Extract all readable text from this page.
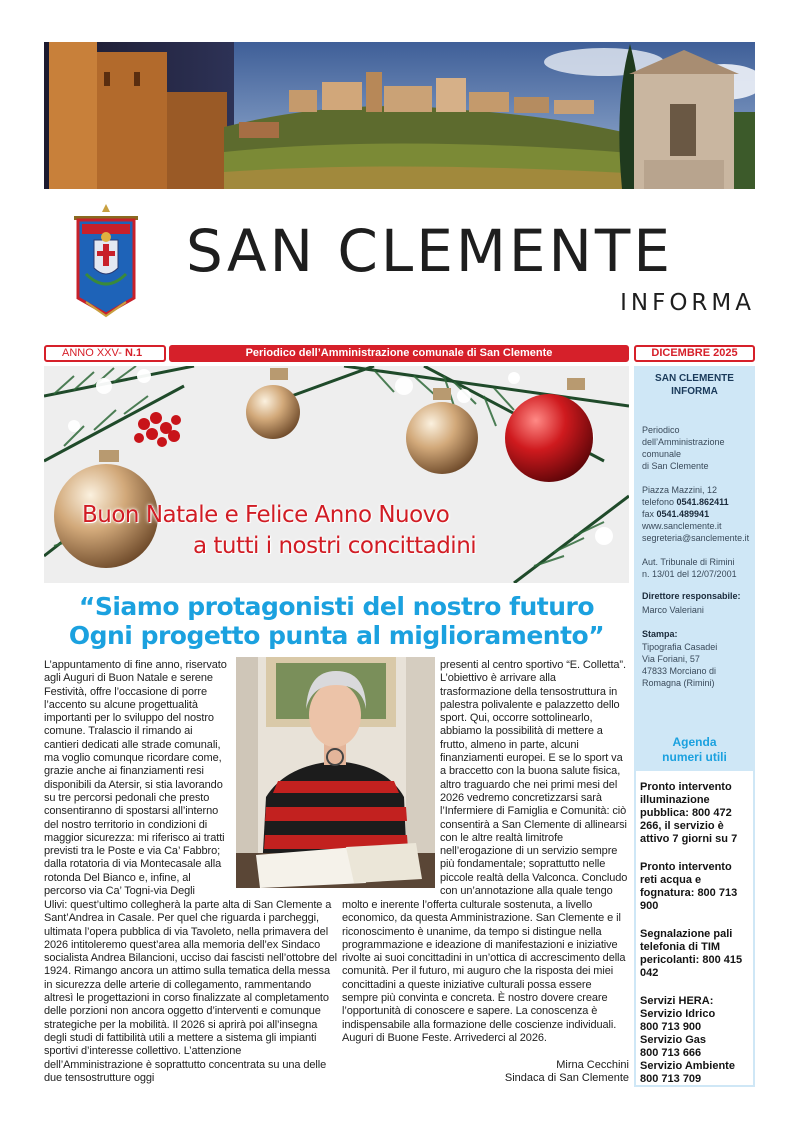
SAN CLEMENTE
INFORMA
ANNO XXV- N.1	Periodico dell’Amministrazione comunale di San Clemente	DICEMBRE 2025
Buon Natale e Felice Anno Nuovo
a tutti i nostri concittadini
“Siamo protagonisti del nostro futuro
Ogni progetto punta al miglioramento”

L’appuntamento di fine anno, riservato agli Auguri di Buon Natale e serene Festività, offre l’occasione di porre l’accento su alcune progettualità importanti per lo sviluppo del nostro comune. Tralascio il rimando ai cantieri dedicati alle strade comunali, ma voglio comunque ricordare come, grazie anche ai finanziamenti resi disponibili da Atersir, si stia lavorando su tre percorsi pedonali che presto consentiranno di spostarsi all’interno del nostro territorio in condizioni di maggior sicurezza: mi riferisco ai tratti previsti tra le Poste e via Ca’ Fabbro; dalla rotatoria di via Montecasale alla rotonda Del Bianco e, infine, al percorso via Ca’ Togni-via Degli

presenti al centro sportivo “E. Colletta”. L’obiettivo è arrivare alla trasformazione della tensostruttura in palestra polivalente e palazzetto dello sport. Qui, occorre sottolinearlo, abbiamo la possibilità di mettere a frutto, almeno in parte, alcuni finanziamenti europei. E se lo sport va a braccetto con la buona salute fisica, altro traguardo che nei primi mesi del 2026 vedremo concretizzarsi sarà l’Infermiere di Famiglia e Comunità: ciò consentirà a San Clemente di allinearsi con le altre realtà limitrofe nell’erogazione di un servizio sempre più fondamentale; soprattutto nelle piccole realtà della Valconca. Concludo con un’annotazione alla quale tengo

Ulivi: quest’ultimo collegherà la parte alta di San Clemente a Sant’Andrea in Casale. Per quel che riguarda i parcheggi, ultimata l’opera pubblica di via Tavoleto, nella primavera del 2026 intitoleremo quest’area alla memoria dell’ex Sindaco socialista Andrea Bilancioni, ucciso dai fascisti nell’ottobre del 1924. Rimango ancora un attimo sulla tematica della messa in sicurezza delle arterie di collegamento, rammentando altresì le progettazioni in corso finalizzate al completamento delle porzioni non ancora oggetto d’interventi e comunque strategiche per la mobilità. Il 2026 si aprirà poi all’insegna degli studi di fattibilità utili a mettere a sistema gli impianti sportivi d’interesse collettivo. L’attenzione dell’Amministrazione è soprattutto concentrata su una delle due tensostrutture oggi

molto e inerente l’offerta culturale sostenuta, a livello economico, da questa Amministrazione. San Clemente e il riconoscimento è unanime, da tempo si distingue nella programmazione e ideazione di manifestazioni e iniziative rivolte ai suoi concittadini in un’ottica di accrescimento della comunità. Per il futuro, mi auguro che la risposta dei miei concittadini a queste iniziative culturali possa essere sempre più convinta e concreta. È nostro dovere creare l’opportunità di conoscere e sapere. La conoscenza è indispensabile alla formazione delle coscienze individuali. Auguri di Buone Feste. Arrivederci al 2026.

Mirna Cecchini
Sindaca di San Clemente
SAN CLEMENTE
INFORMA
Periodico
dell’Amministrazione
comunale
di San Clemente
Piazza Mazzini, 12
telefono 0541.862411
fax 0541.489941
www.sanclemente.it
segreteria@sanclemente.it
Aut. Tribunale di Rimini
n. 13/01 del 12/07/2001
Direttore responsabile:
Marco Valeriani
Stampa:
Tipografia Casadei
Via Foriani, 57
47833 Morciano di
Romagna (Rimini)
Agenda
numeri utili
Pronto intervento illuminazione pubblica: 800 472 266, il servizio è attivo 7 giorni su 7
Pronto intervento reti acqua e fognatura: 800 713 900
Segnalazione pali telefonia di TIM pericolanti: 800 415 042
Servizi HERA:
Servizio Idrico
800 713 900
Servizio Gas
800 713 666
Servizio Ambiente
800 713 709
